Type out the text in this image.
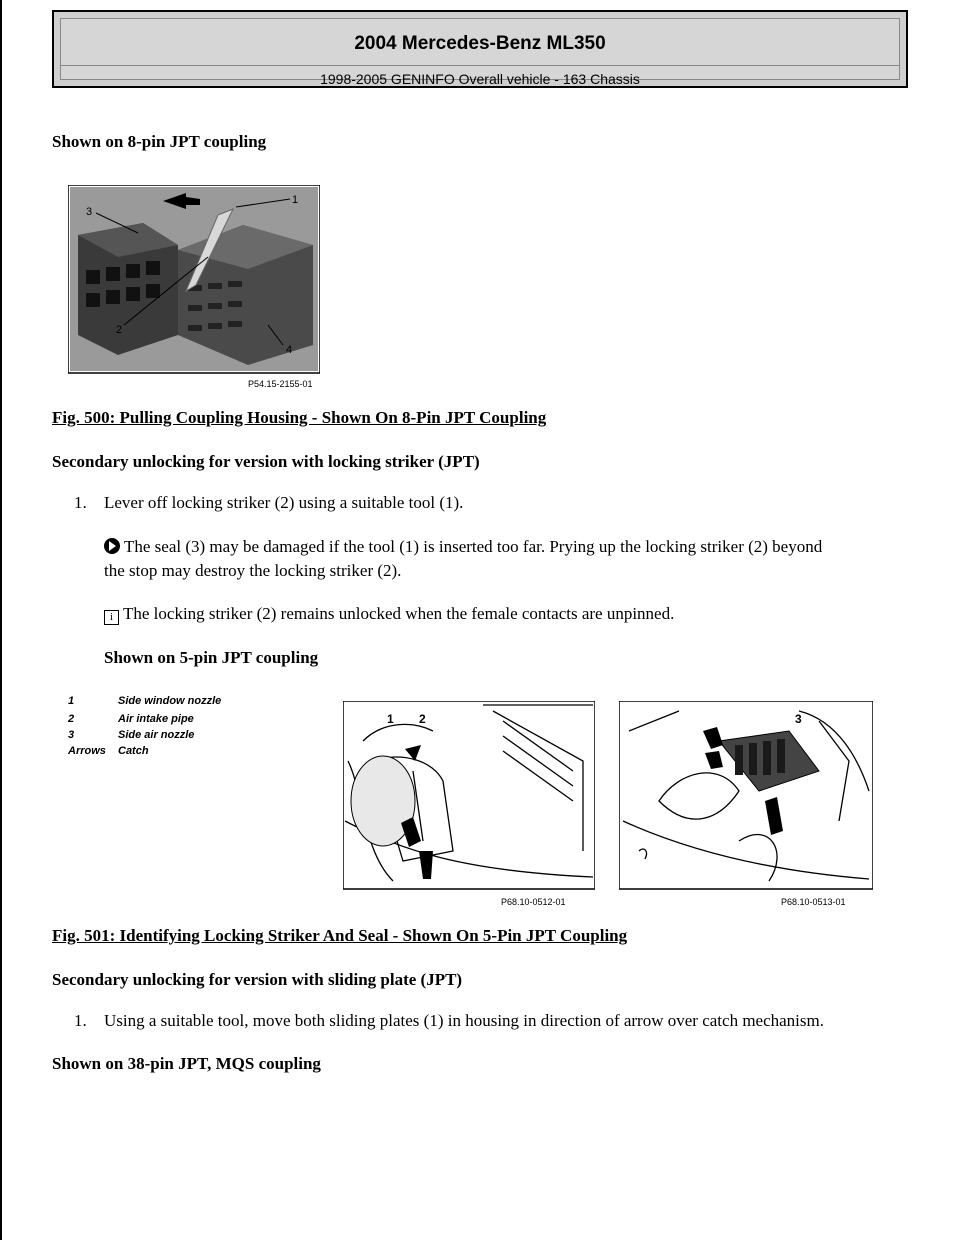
2004 Mercedes-Benz ML350
1998-2005 GENINFO Overall vehicle - 163 Chassis
Shown on 8-pin JPT coupling
1
2
3
4
P54.15-2155-01
Fig. 500: Pulling Coupling Housing - Shown On 8-Pin JPT Coupling
Secondary unlocking for version with locking striker (JPT)
1. Lever off locking striker (2) using a suitable tool (1).
The seal (3) may be damaged if the tool (1) is inserted too far. Prying up the locking striker (2) beyond
the stop may destroy the locking striker (2).
i The locking striker (2) remains unlocked when the female contacts are unpinned.
Shown on 5-pin JPT coupling
1	Side window nozzle
2	Air intake pipe
3	Side air nozzle
Arrows Catch
1 2
P68.10-0512-01
3
P68.10-0513-01
Fig. 501: Identifying Locking Striker And Seal - Shown On 5-Pin JPT Coupling
Secondary unlocking for version with sliding plate (JPT)
1. Using a suitable tool, move both sliding plates (1) in housing in direction of arrow over catch mechanism.
Shown on 38-pin JPT, MQS coupling
